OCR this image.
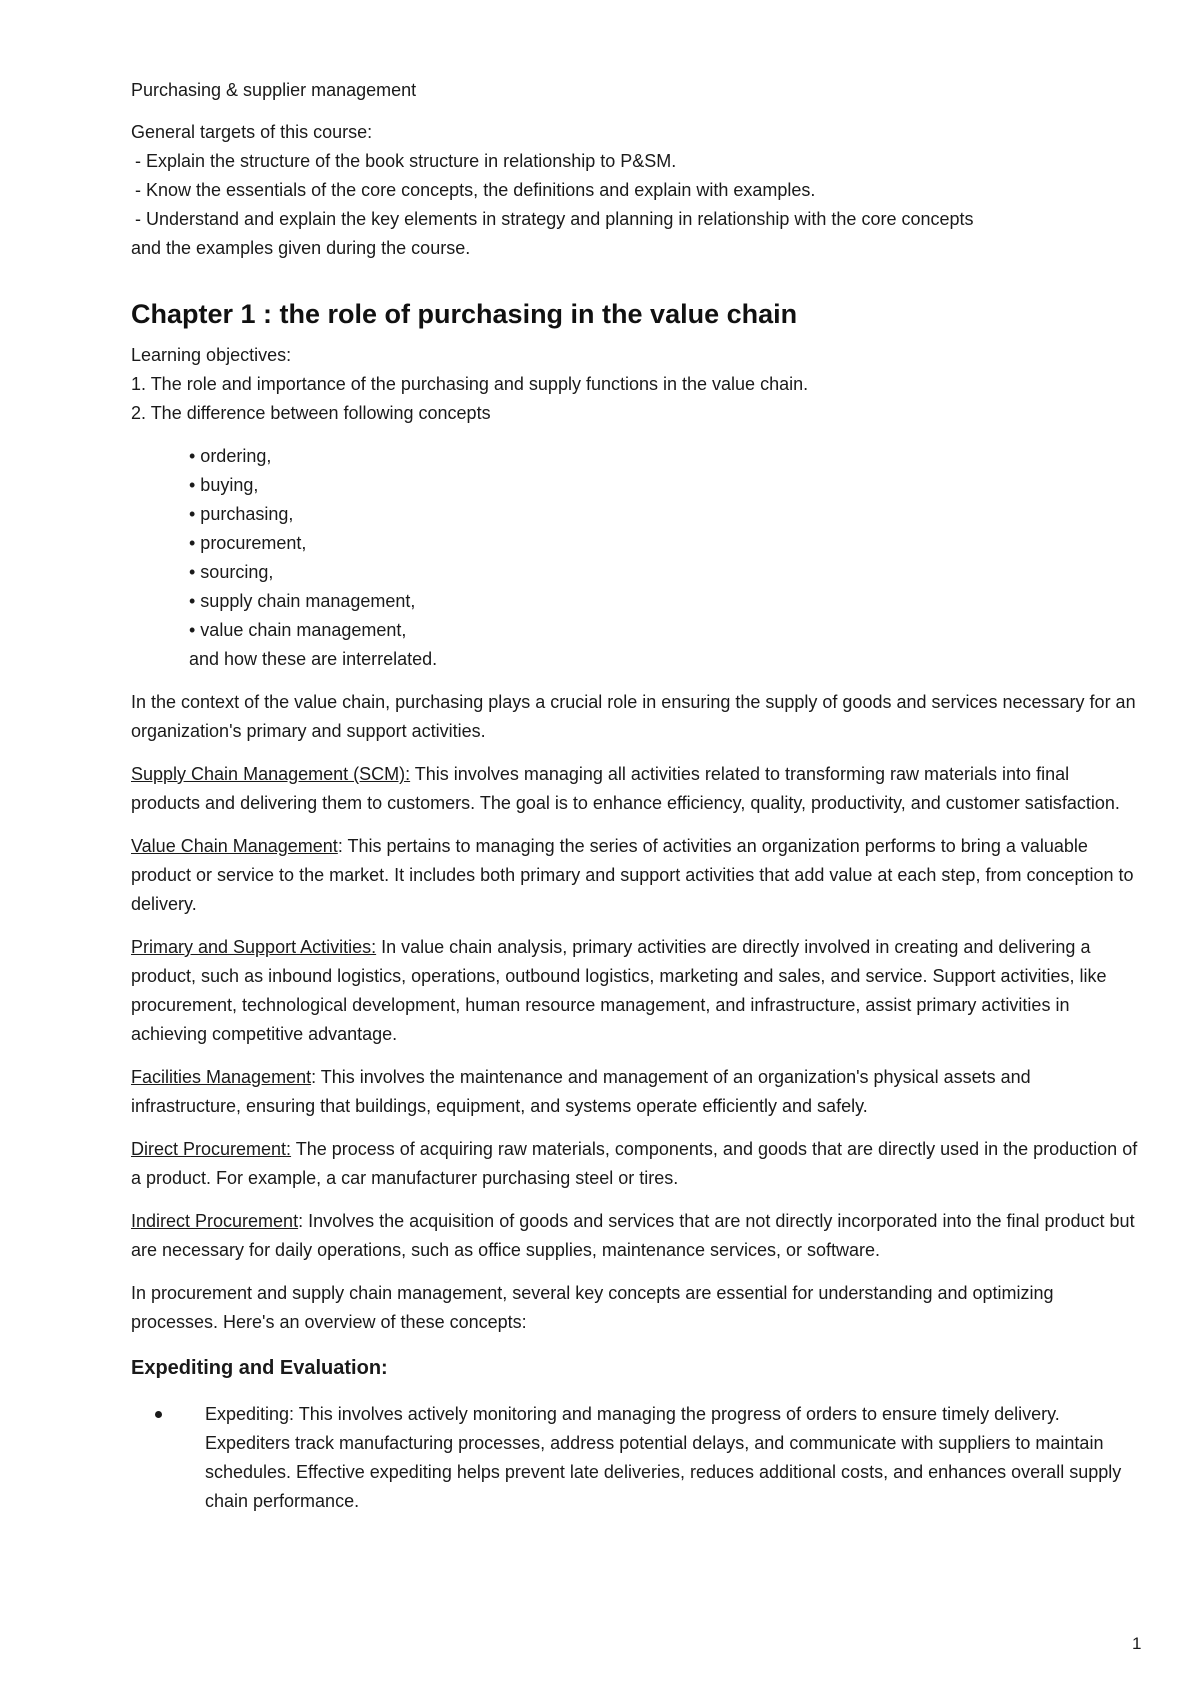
Purchasing & supplier management

General targets of this course:

- Explain the structure of the book structure in relationship to P&SM.

- Know the essentials of the core concepts, the definitions and explain with examples.

- Understand and explain the key elements in strategy and planning in relationship with the core concepts

and the examples given during the course.

Chapter 1 : the role of purchasing in the value chain

Learning objectives:

1. The role and importance of the purchasing and supply functions in the value chain.

2. The difference between following concepts

• ordering,
• buying,
• purchasing,
• procurement,
• sourcing,
• supply chain management,
• value chain management,
and how these are interrelated.

In the context of the value chain, purchasing plays a crucial role in ensuring the supply of goods and services necessary for an organization's primary and support activities.

Supply Chain Management (SCM): This involves managing all activities related to transforming raw materials into final products and delivering them to customers. The goal is to enhance efficiency, quality, productivity, and customer satisfaction.

Value Chain Management: This pertains to managing the series of activities an organization performs to bring a valuable product or service to the market. It includes both primary and support activities that add value at each step, from conception to delivery.

Primary and Support Activities: In value chain analysis, primary activities are directly involved in creating and delivering a product, such as inbound logistics, operations, outbound logistics, marketing and sales, and service. Support activities, like procurement, technological development, human resource management, and infrastructure, assist primary activities in achieving competitive advantage.

Facilities Management: This involves the maintenance and management of an organization's physical assets and infrastructure, ensuring that buildings, equipment, and systems operate efficiently and safely.

Direct Procurement: The process of acquiring raw materials, components, and goods that are directly used in the production of a product. For example, a car manufacturer purchasing steel or tires.

Indirect Procurement: Involves the acquisition of goods and services that are not directly incorporated into the final product but are necessary for daily operations, such as office supplies, maintenance services, or software.

In procurement and supply chain management, several key concepts are essential for understanding and optimizing processes. Here's an overview of these concepts:

Expediting and Evaluation:
Expediting: This involves actively monitoring and managing the progress of orders to ensure timely delivery. Expediters track manufacturing processes, address potential delays, and communicate with suppliers to maintain schedules. Effective expediting helps prevent late deliveries, reduces additional costs, and enhances overall supply chain performance.
1
